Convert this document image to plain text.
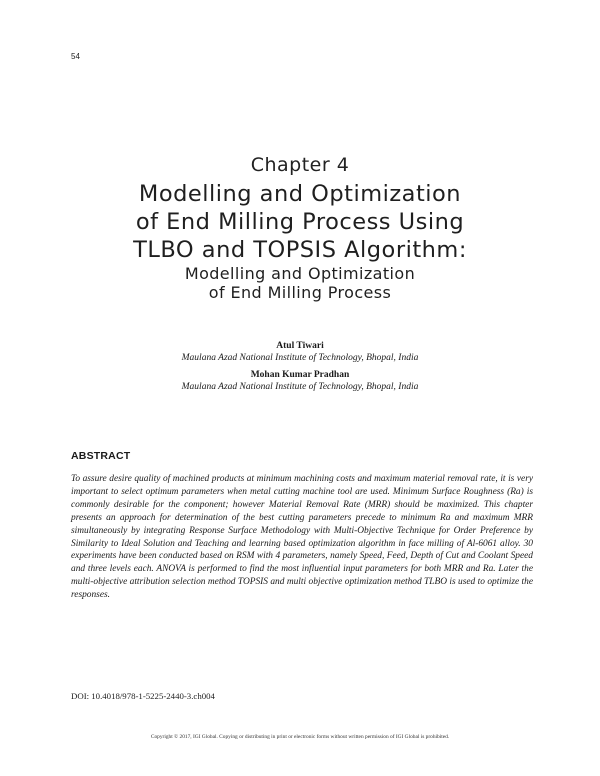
54
Chapter 4

Modelling and Optimization

of End Milling Process Using

TLBO and TOPSIS Algorithm:

Modelling and Optimization

of End Milling Process

Atul Tiwari
Maulana Azad National Institute of Technology, Bhopal, India
Mohan Kumar Pradhan
Maulana Azad National Institute of Technology, Bhopal, India
ABSTRACT

To assure desire quality of machined products at minimum machining costs and maximum material removal rate, it is very important to select optimum parameters when metal cutting machine tool are used. Minimum Surface Roughness (Ra) is commonly desirable for the component; however Material Removal Rate (MRR) should be maximized. This chapter presents an approach for determination of the best cutting parameters precede to minimum Ra and maximum MRR simultaneously by integrating Response Surface Methodology with Multi-Objective Technique for Order Preference by Similarity to Ideal Solution and Teaching and learning based optimization algorithm in face milling of Al-6061 alloy. 30 experiments have been conducted based on RSM with 4 parameters, namely Speed, Feed, Depth of Cut and Coolant Speed and three levels each. ANOVA is performed to find the most influential input parameters for both MRR and Ra. Later the multi-objective attribution selection method TOPSIS and multi objective optimization method TLBO is used to optimize the responses.

DOI: 10.4018/978-1-5225-2440-3.ch004
Copyright © 2017, IGI Global. Copying or distributing in print or electronic forms without written permission of IGI Global is prohibited.
